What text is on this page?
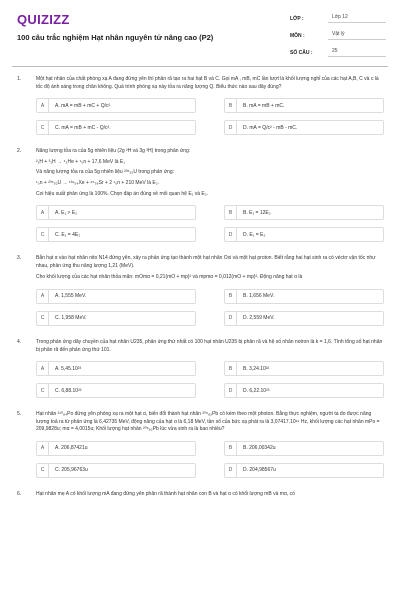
QUIZIZZ
100 câu trắc nghiệm Hạt nhân nguyên tử nâng cao (P2)
LỚP :	Lớp 12
MÔN :	Vật lý
SỐ CÂU :	25
1.	Một hạt nhân của chất phóng xạ A đang đứng yên thì phân rã tạo ra hai hạt B và C. Gọi mA , mB, mC lần lượt là khối lượng nghỉ của các hạt A,B, C và c là tốc độ ánh sáng trong chân không. Quá trình phóng xạ này tỏa ra năng lượng Q. Biểu thức nào sau đây đúng?
A	A. mA = mB + mC + Q/c²	B	B. mA = mB + mC.
C	C. mA = mB + mC - Q/c².	D	D. mA = Q/c² - mB - mC.
2.	Năng lượng tỏa ra của 5g nhiên liệu (2g ²H và 3g ³H) trong phản ứng:
²₁H + ³₁H → ⁴₂He + ¹₀n + 17,6 MeV là E₁
Và năng lượng tỏa ra của 5g nhiên liệu ²³⁵₉₂U trong phản ứng:
¹₀n + ²³⁵₉₂U → ¹³⁹₅₄Xe + ⁹⁵₃₈Sr + 2 ¹₀n + 210 MeV là E₂.
Coi hiệu suất phản ứng là 100%. Chọn đáp án đúng về mối quan hệ E₁ và E₂.
A	A. E₁ > E₂	B	B. E₁ = 12E₂
C	C. E₁ = 4E₂	D	D. E₁ = E₂
3.	Bắn hạt α vào hạt nhân nito N14 đứng yên, xảy ra phản ứng tạo thành một hạt nhân Oxi và một hạt proton. Biết rằng hai hạt sinh ra có véctơ vận tốc như nhau, phản ứng thu năng lượng 1,21 (MeV).
Cho khối lượng của các hạt nhân thỏa mãn: mOmα = 0,21(mO + mp)² và mpmα = 0,012(mO + mp)². Động năng hạt α là
A	A. 1,555 MeV.	B	B. 1,656 MeV.
C	C. 1,958 MeV.	D	D. 2,559 MeV.
4.	Trong phản ứng dây chuyền của hạt nhân U235, phản ứng thứ nhất có 100 hạt nhân U235 bị phân rã và hệ số nhân notron là k = 1,6. Tính tổng số hạt nhân bị phân rã đến phản ứng thứ 101.
A	A. 5,45.10²³	B	B. 3,24.10²²
C	C. 6,88.10²²	D	D. 6,22.10²³
5.	Hạt nhân ²¹⁰₈₄Po đứng yên phóng xạ ra một hạt α, biến đổi thành hạt nhân ²⁰⁶₈₂Pb có kèm theo một photon. Bằng thực nghiệm, người ta đo được năng lượng toả ra từ phản ứng là 6,42735 MeV, động năng của hạt α là 6,18 MeV, tần số của bức xạ phát ra là 3,07417.10¹⁹ Hz, khối lượng các hạt nhân mPo = 209,9828u; mα = 4,0015u; Khối lượng hạt nhân ²⁰⁶₈₂Pb lúc vừa sinh ra là bao nhiêu?
A	A. 206,87421u	B	B. 206,00342u
C	C. 205,96763u	D	D. 204,98567u
6.	Hạt nhân mẹ A có khối lượng mA đang đứng yên phân rã thành hạt nhân con B và hạt α có khối lượng mB và mα, có
